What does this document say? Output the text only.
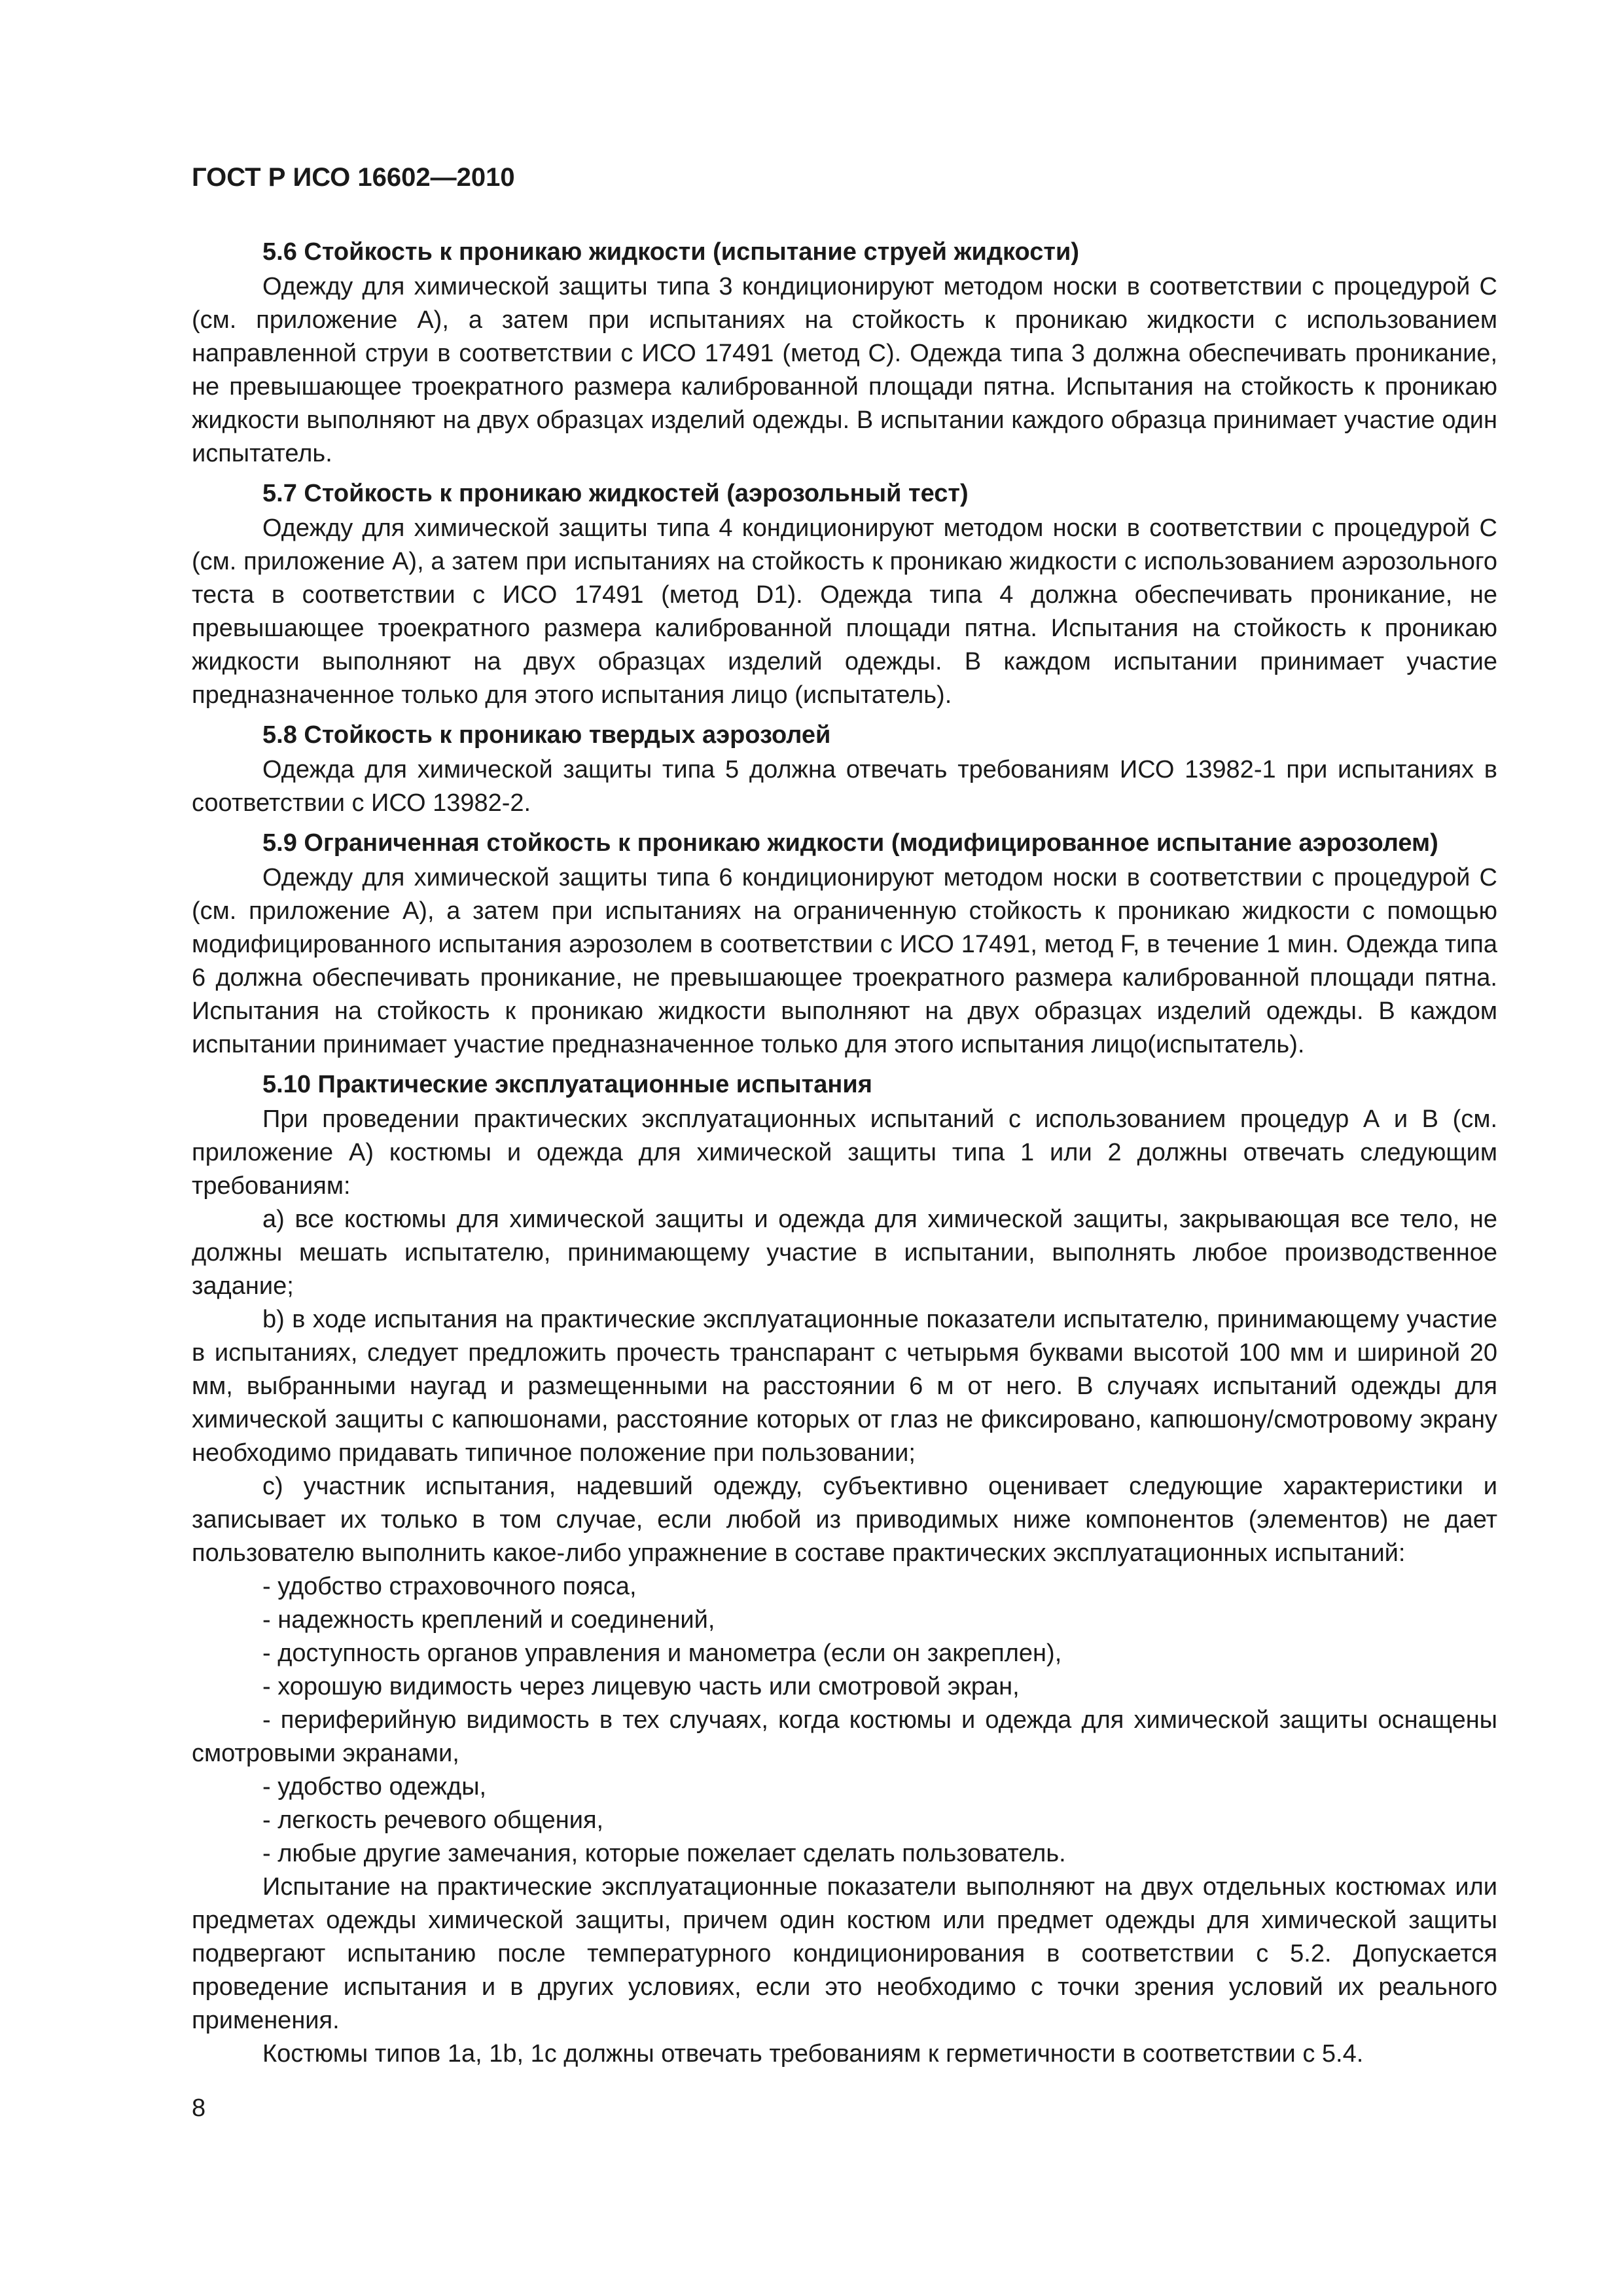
ГОСТ Р ИСО 16602—2010
5.6 Стойкость к проникаю жидкости (испытание струей жидкости)

Одежду для химической защиты типа 3 кондиционируют методом носки в соответствии с процедурой С (см. приложение А), а затем при испытаниях на стойкость к проникаю жидкости с использованием направленной струи в соответствии с ИСО 17491 (метод С). Одежда типа 3 должна обеспечивать проникание, не превышающее троекратного размера калиброванной площади пятна. Испытания на стойкость к проникаю жидкости выполняют на двух образцах изделий одежды. В испытании каждого образца принимает участие один испытатель.

5.7 Стойкость к проникаю жидкостей (аэрозольный тест)

Одежду для химической защиты типа 4 кондиционируют методом носки в соответствии с процедурой С (см. приложение А), а затем при испытаниях на стойкость к проникаю жидкости с использованием аэрозольного теста в соответствии с ИСО 17491 (метод D1). Одежда типа 4 должна обеспечивать проникание, не превышающее троекратного размера калиброванной площади пятна. Испытания на стойкость к проникаю жидкости выполняют на двух образцах изделий одежды. В каждом испытании принимает участие предназначенное только для этого испытания лицо (испытатель).

5.8 Стойкость к проникаю твердых аэрозолей

Одежда для химической защиты типа 5 должна отвечать требованиям ИСО 13982-1 при испытаниях в соответствии с ИСО 13982-2.

5.9 Ограниченная стойкость к проникаю жидкости (модифицированное испытание аэрозолем)

Одежду для химической защиты типа 6 кондиционируют методом носки в соответствии с процедурой С (см. приложение А), а затем при испытаниях на ограниченную стойкость к проникаю жидкости с помощью модифицированного испытания аэрозолем в соответствии с ИСО 17491, метод F, в течение 1 мин. Одежда типа 6 должна обеспечивать проникание, не превышающее троекратного размера калиброванной площади пятна. Испытания на стойкость к проникаю жидкости выполняют на двух образцах изделий одежды. В каждом испытании принимает участие предназначенное только для этого испытания лицо(испытатель).

5.10 Практические эксплуатационные испытания

При проведении практических эксплуатационных испытаний с использованием процедур А и В (см. приложение А) костюмы и одежда для химической защиты типа 1 или 2 должны отвечать следующим требованиям:

а) все костюмы для химической защиты и одежда для химической защиты, закрывающая все тело, не должны мешать испытателю, принимающему участие в испытании, выполнять любое производственное задание;

b) в ходе испытания на практические эксплуатационные показатели испытателю, принимающему участие в испытаниях, следует предложить прочесть транспарант с четырьмя буквами высотой 100 мм и шириной 20 мм, выбранными наугад и размещенными на расстоянии 6 м от него. В случаях испытаний одежды для химической защиты с капюшонами, расстояние которых от глаз не фиксировано, капюшону/смотровому экрану необходимо придавать типичное положение при пользовании;

с) участник испытания, надевший одежду, субъективно оценивает следующие характеристики и записывает их только в том случае, если любой из приводимых ниже компонентов (элементов) не дает пользователю выполнить какое-либо упражнение в составе практических эксплуатационных испытаний:

- удобство страховочного пояса,

- надежность креплений и соединений,

- доступность органов управления и манометра (если он закреплен),

- хорошую видимость через лицевую часть или смотровой экран,

- периферийную видимость в тех случаях, когда костюмы и одежда для химической защиты оснащены смотровыми экранами,

- удобство одежды,

- легкость речевого общения,

- любые другие замечания, которые пожелает сделать пользователь.

Испытание на практические эксплуатационные показатели выполняют на двух отдельных костюмах или предметах одежды химической защиты, причем один костюм или предмет одежды для химической защиты подвергают испытанию после температурного кондиционирования в соответствии с 5.2. Допускается проведение испытания и в других условиях, если это необходимо с точки зрения условий их реального применения.

Костюмы типов 1а, 1b, 1с должны отвечать требованиям к герметичности в соответствии с 5.4.

8
